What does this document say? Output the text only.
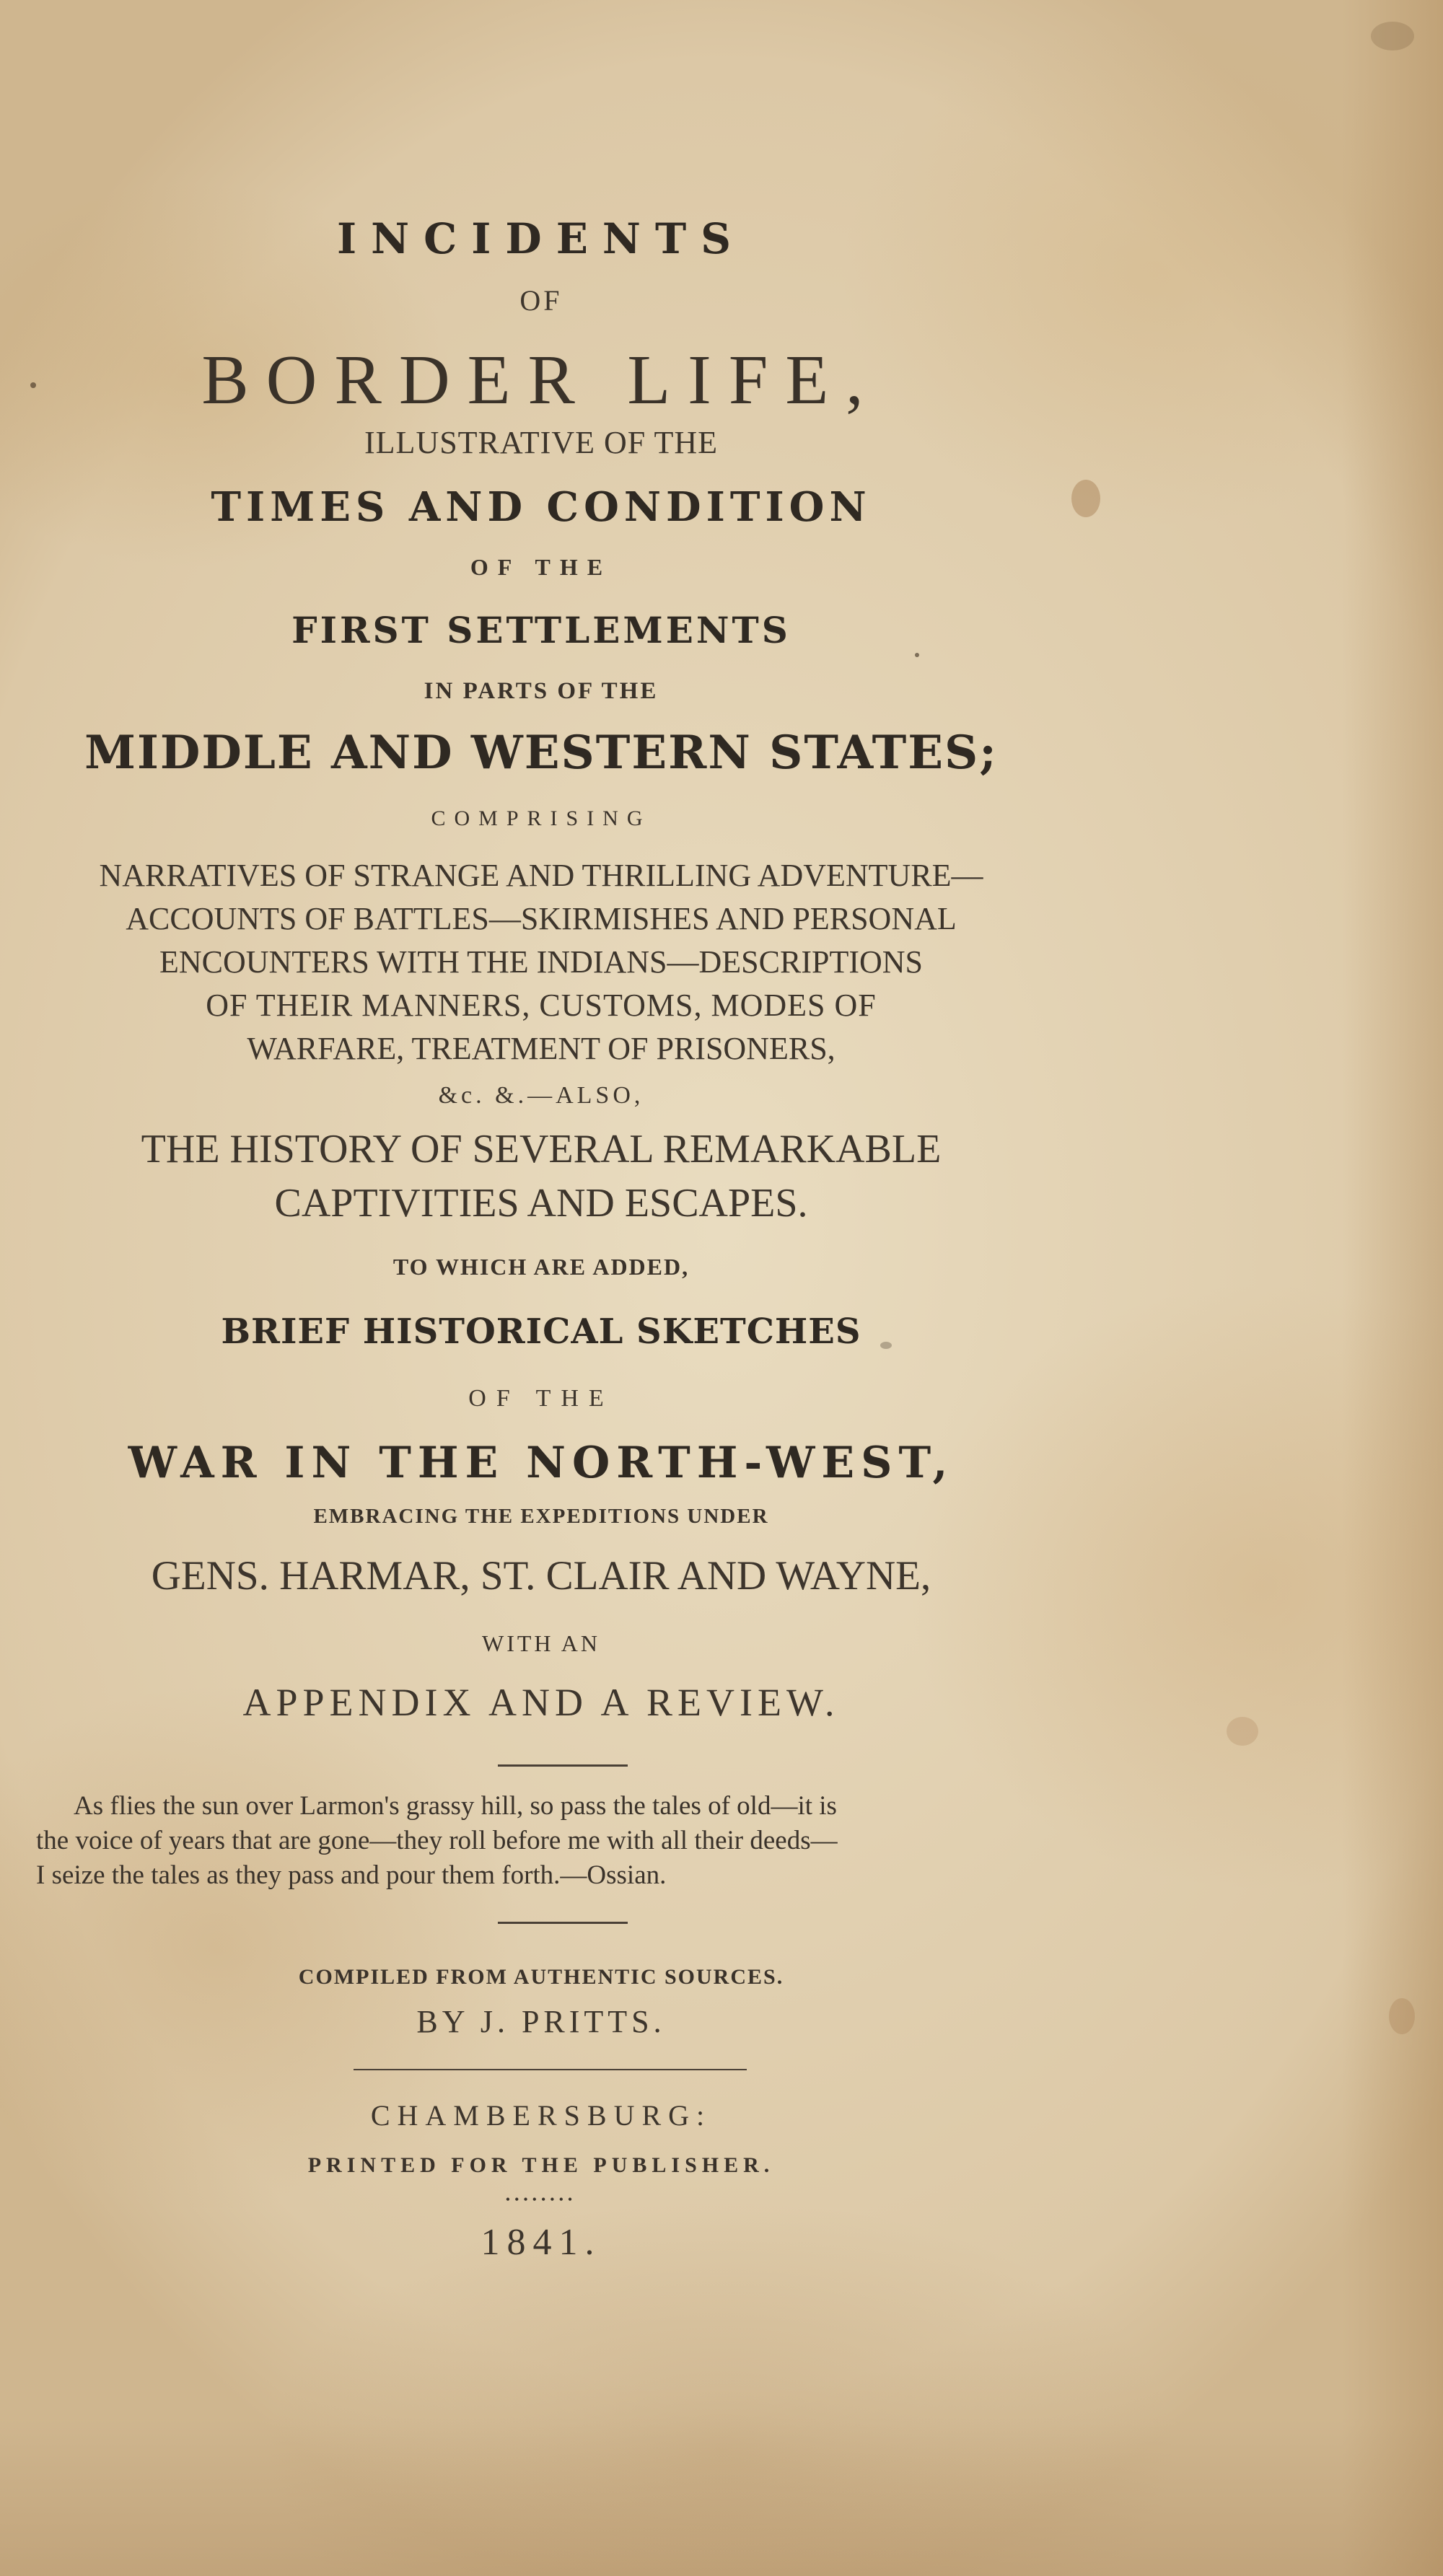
INCIDENTS

OF

BORDER LIFE,

ILLUSTRATIVE OF THE

TIMES AND CONDITION

OF THE

FIRST SETTLEMENTS

IN PARTS OF THE

MIDDLE AND WESTERN STATES;

COMPRISING

NARRATIVES OF STRANGE AND THRILLING ADVENTURE—

ACCOUNTS OF BATTLES—SKIRMISHES AND PERSONAL

ENCOUNTERS WITH THE INDIANS—DESCRIPTIONS

OF THEIR MANNERS, CUSTOMS, MODES OF

WARFARE, TREATMENT OF PRISONERS,

&c. &.—ALSO,

THE HISTORY OF SEVERAL REMARKABLE

CAPTIVITIES AND ESCAPES.

TO WHICH ARE ADDED,

BRIEF HISTORICAL SKETCHES

OF THE

WAR IN THE NORTH-WEST,

EMBRACING THE EXPEDITIONS UNDER

GENS. HARMAR, ST. CLAIR AND WAYNE,

WITH AN

APPENDIX AND A REVIEW.

As flies the sun over Larmon's grassy hill, so pass the tales of old—it is

the voice of years that are gone—they roll before me with all their deeds—

I seize the tales as they pass and pour them forth.—Ossian.

COMPILED FROM AUTHENTIC SOURCES.

BY J. PRITTS.

CHAMBERSBURG:

PRINTED FOR THE PUBLISHER.

••••••••

1841.
